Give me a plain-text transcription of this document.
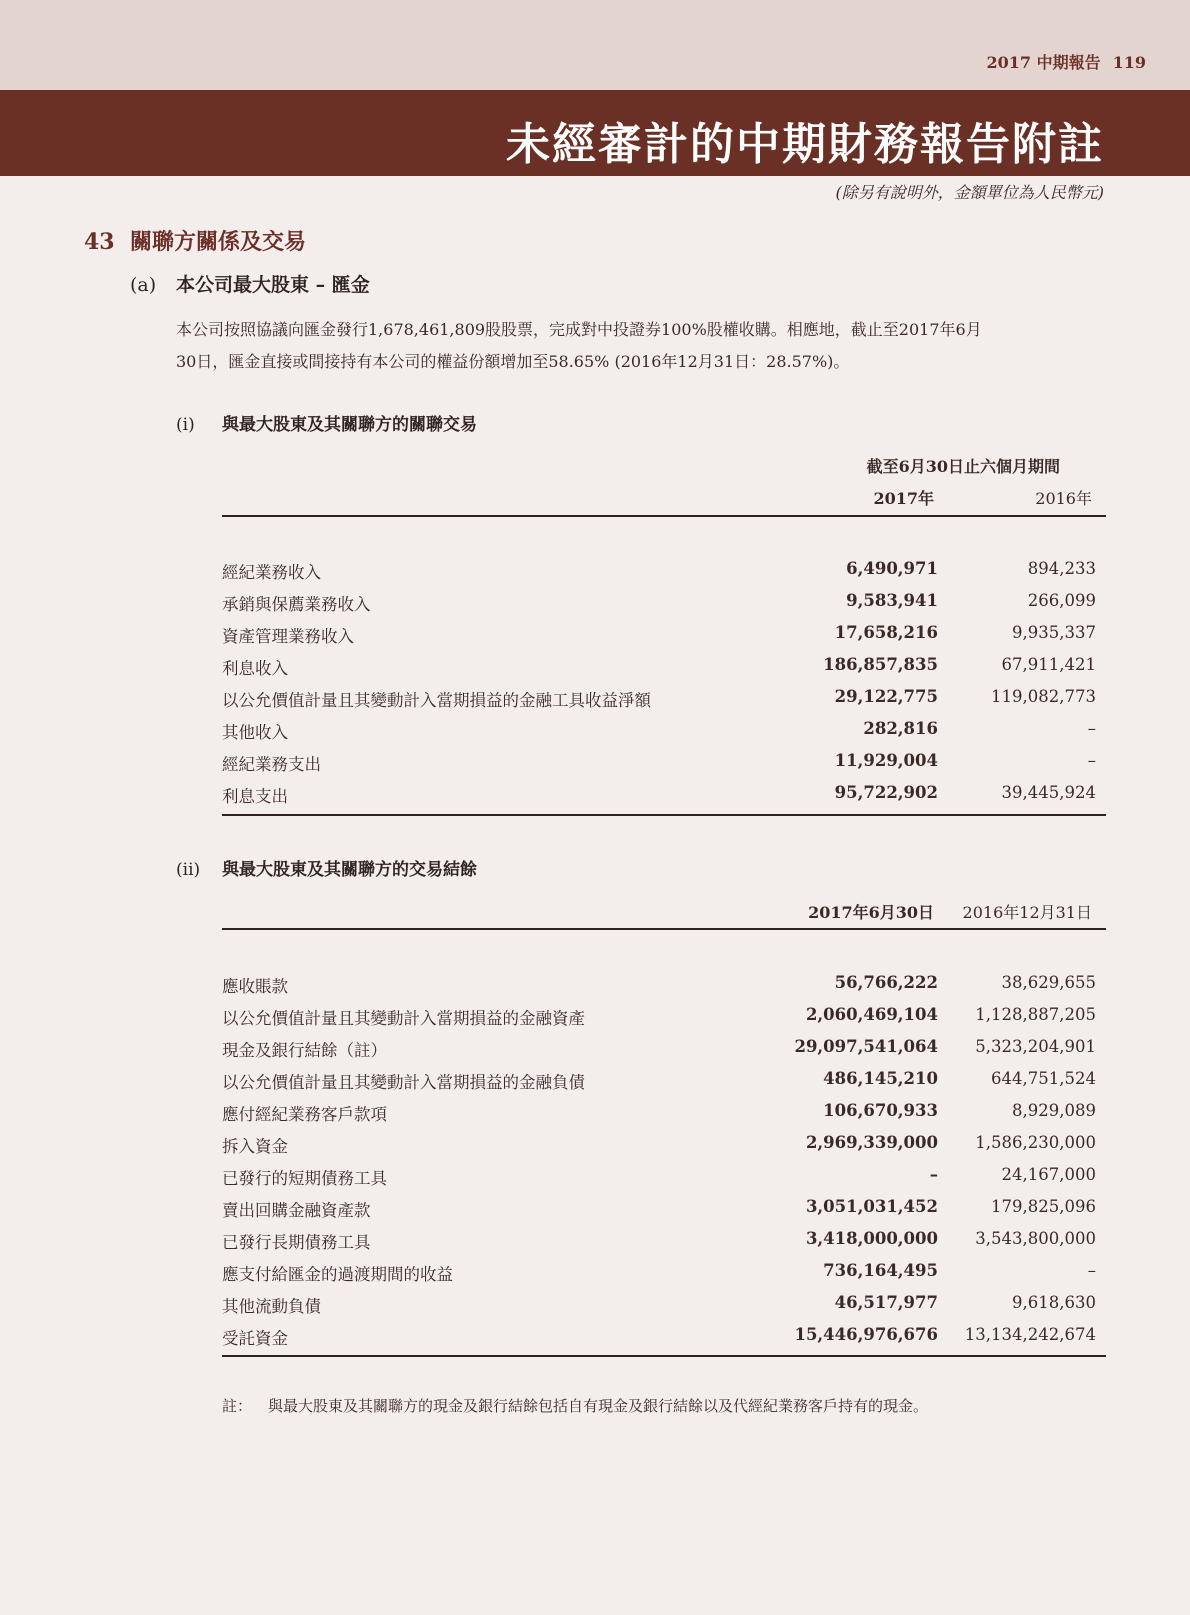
2017 中期報告 119
未經審計的中期財務報告附註
(除另有說明外，金額單位為人民幣元)
43 關聯方關係及交易
(a) 本公司最大股東 – 匯金

本公司按照協議向匯金發行1,678,461,809股股票，完成對中投證券100%股權收購。相應地，截止至2017年6月

30日，匯金直接或間接持有本公司的權益份額增加至58.65% (2016年12月31日：28.57%)。

(i) 與最大股東及其關聯方的關聯交易
截至6月30日止六個月期間
2017年	2016年
經紀業務收入	6,490,971	894,233
承銷與保薦業務收入	9,583,941	266,099
資產管理業務收入	17,658,216	9,935,337
利息收入	186,857,835	67,911,421
以公允價值計量且其變動計入當期損益的金融工具收益淨額	29,122,775	119,082,773
其他收入	282,816	–
經紀業務支出	11,929,004	–
利息支出	95,722,902	39,445,924
(ii) 與最大股東及其關聯方的交易結餘
2017年6月30日 2016年12月31日
應收賬款	56,766,222	38,629,655
以公允價值計量且其變動計入當期損益的金融資產	2,060,469,104 1,128,887,205
現金及銀行結餘（註）	29,097,541,064 5,323,204,901
以公允價值計量且其變動計入當期損益的金融負債	486,145,210	644,751,524
應付經紀業務客戶款項	106,670,933	8,929,089
拆入資金	2,969,339,000 1,586,230,000
已發行的短期債務工具	–	24,167,000
賣出回購金融資產款	3,051,031,452	179,825,096
已發行長期債務工具	3,418,000,000 3,543,800,000
應支付給匯金的過渡期間的收益	736,164,495	–
其他流動負債	46,517,977	9,618,630
受託資金	15,446,976,676 13,134,242,674
註： 與最大股東及其關聯方的現金及銀行結餘包括自有現金及銀行結餘以及代經紀業務客戶持有的現金。
